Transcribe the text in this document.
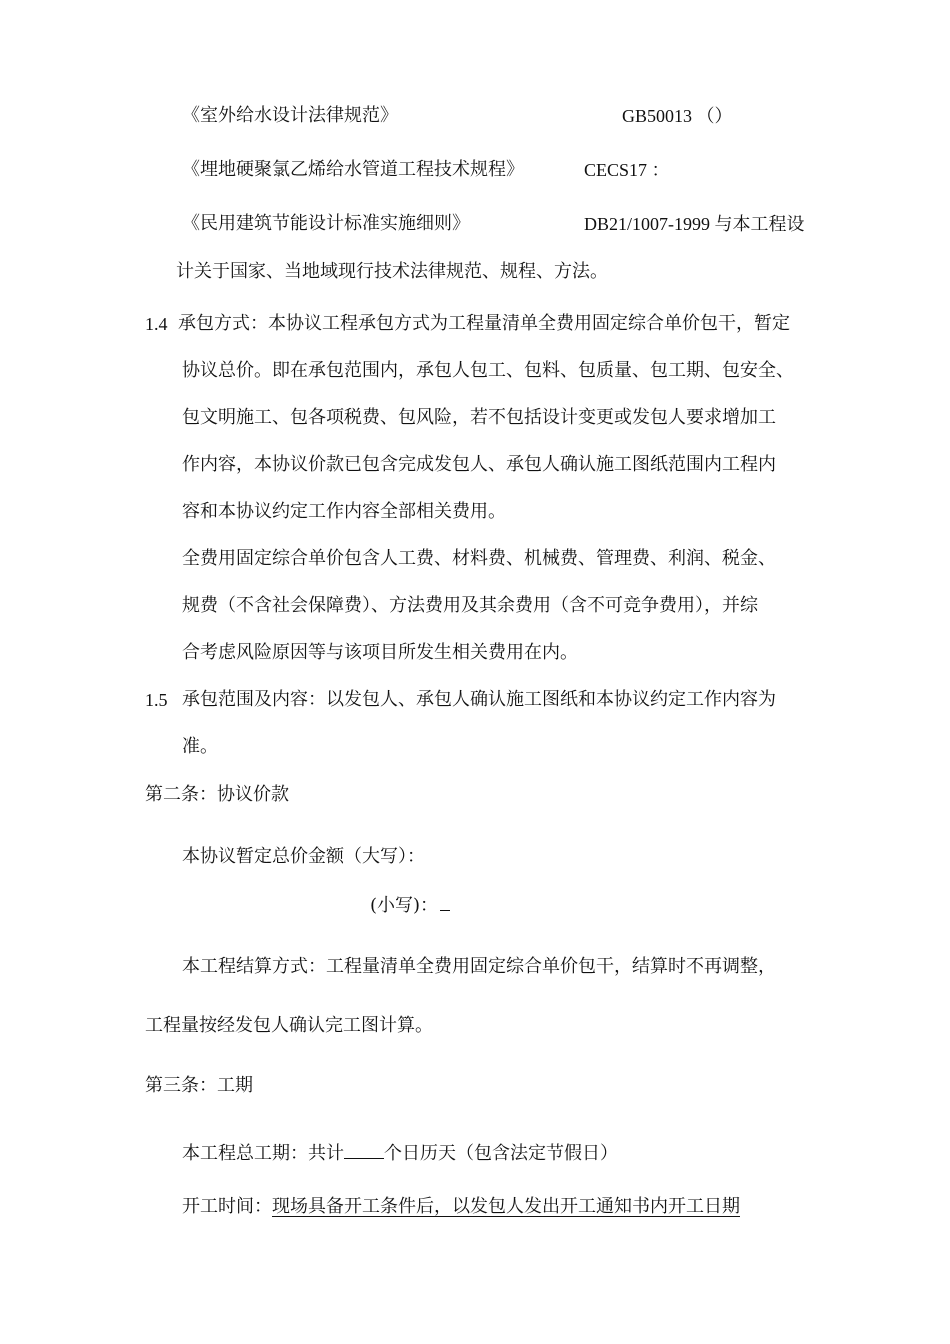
《室外给水设计法律规范》	GB50013 （）
《埋地硬聚氯乙烯给水管道工程技术规程》	CECS17 ：
《民用建筑节能设计标准实施细则》	DB21/1007-1999 与本工程设
计关于国家、当地域现行技术法律规范、规程、方法。
1.4 承包方式：本协议工程承包方式为工程量清单全费用固定综合单价包干，暂定
协议总价。即在承包范围内，承包人包工、包料、包质量、包工期、包安全、
包文明施工、包各项税费、包风险，若不包括设计变更或发包人要求增加工
作内容，本协议价款已包含完成发包人、承包人确认施工图纸范围内工程内
容和本协议约定工作内容全部相关费用。
全费用固定综合单价包含人工费、材料费、机械费、管理费、利润、税金、
规费（不含社会保障费）、方法费用及其余费用（含不可竞争费用），并综
合考虑风险原因等与该项目所发生相关费用在内。
1.5 承包范围及内容：以发包人、承包人确认施工图纸和本协议约定工作内容为
准。
第二条：协议价款
本协议暂定总价金额（大写）：
(小写)：
本工程结算方式：工程量清单全费用固定综合单价包干，结算时不再调整，
工程量按经发包人确认完工图计算。
第三条：工期
本工程总工期：共计 个日历天（包含法定节假日）
开工时间：现场具备开工条件后，以发包人发出开工通知书内开工日期
